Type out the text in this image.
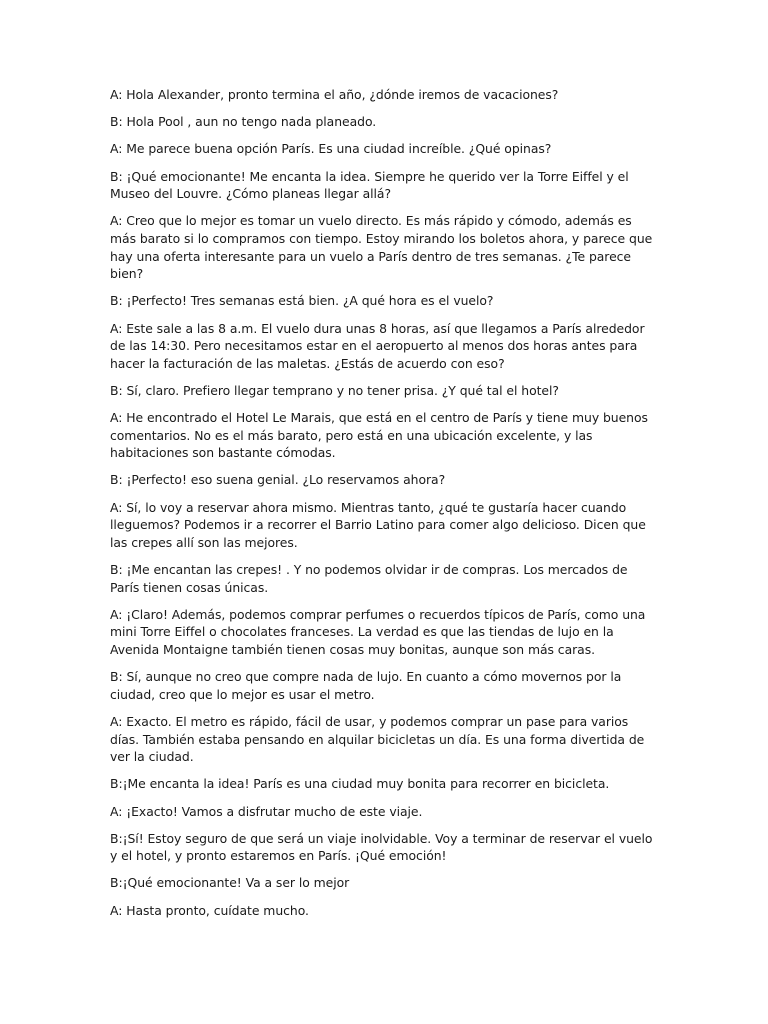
A: Hola Alexander, pronto termina el año, ¿dónde iremos de vacaciones?

B: Hola Pool , aun no tengo nada planeado.

A: Me parece buena opción París. Es una ciudad increíble. ¿Qué opinas?

B: ¡Qué emocionante! Me encanta la idea. Siempre he querido ver la Torre Eiffel y el Museo del Louvre. ¿Cómo planeas llegar allá?

A: Creo que lo mejor es tomar un vuelo directo. Es más rápido y cómodo, además es más barato si lo compramos con tiempo. Estoy mirando los boletos ahora, y parece que hay una oferta interesante para un vuelo a París dentro de tres semanas. ¿Te parece bien?

B: ¡Perfecto! Tres semanas está bien. ¿A qué hora es el vuelo?

A: Este sale a las 8 a.m. El vuelo dura unas 8 horas, así que llegamos a París alrededor de las 14:30. Pero necesitamos estar en el aeropuerto al menos dos horas antes para hacer la facturación de las maletas. ¿Estás de acuerdo con eso?

B: Sí, claro. Prefiero llegar temprano y no tener prisa. ¿Y qué tal el hotel?

A: He encontrado el Hotel Le Marais, que está en el centro de París y tiene muy buenos comentarios. No es el más barato, pero está en una ubicación excelente, y las habitaciones son bastante cómodas.

B: ¡Perfecto! eso suena genial. ¿Lo reservamos ahora?

A: Sí, lo voy a reservar ahora mismo. Mientras tanto, ¿qué te gustaría hacer cuando lleguemos? Podemos ir a recorrer el Barrio Latino para comer algo delicioso. Dicen que las crepes allí son las mejores.

B: ¡Me encantan las crepes! . Y no podemos olvidar ir de compras. Los mercados de París tienen cosas únicas.

A: ¡Claro! Además, podemos comprar perfumes o recuerdos típicos de París, como una mini Torre Eiffel o chocolates franceses. La verdad es que las tiendas de lujo en la Avenida Montaigne también tienen cosas muy bonitas, aunque son más caras.

B: Sí, aunque no creo que compre nada de lujo. En cuanto a cómo movernos por la ciudad, creo que lo mejor es usar el metro.

A: Exacto. El metro es rápido, fácil de usar, y podemos comprar un pase para varios días. También estaba pensando en alquilar bicicletas un día. Es una forma divertida de ver la ciudad.

B:¡Me encanta la idea! París es una ciudad muy bonita para recorrer en bicicleta.

A: ¡Exacto! Vamos a disfrutar mucho de este viaje.

B:¡Sí! Estoy seguro de que será un viaje inolvidable. Voy a terminar de reservar el vuelo y el hotel, y pronto estaremos en París. ¡Qué emoción!

B:¡Qué emocionante! Va a ser lo mejor

A: Hasta pronto, cuídate mucho.
